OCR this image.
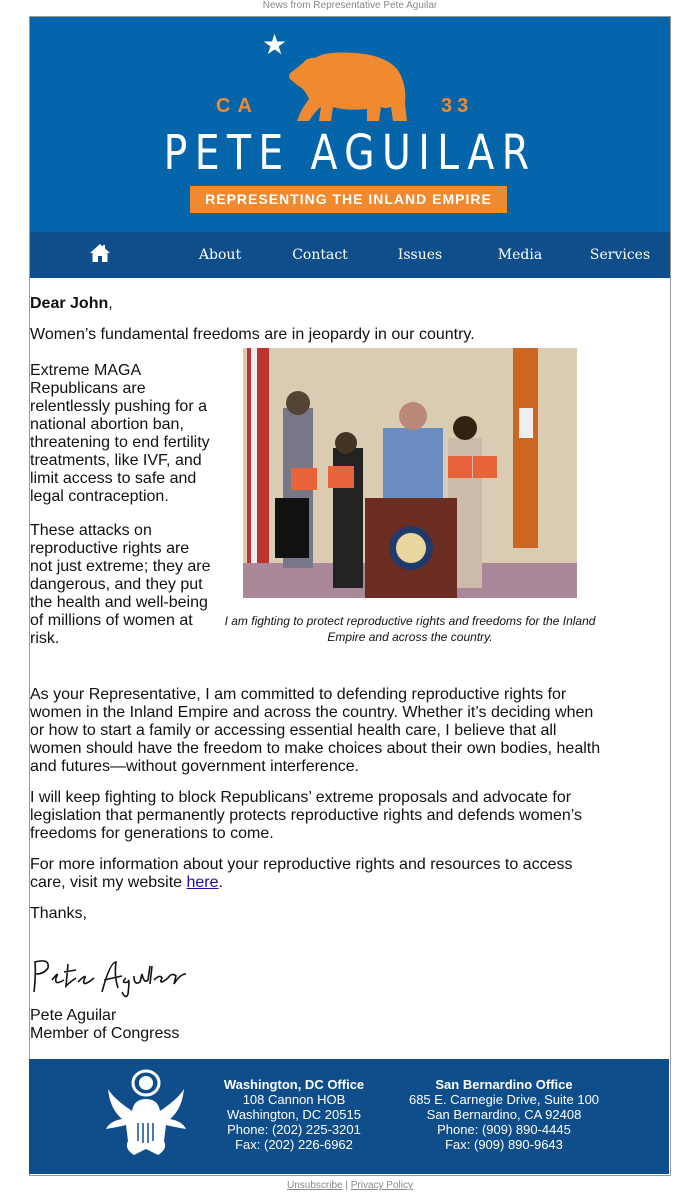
News from Representative Pete Aguilar
★
CA	33
PETE AGUILAR
REPRESENTING THE INLAND EMPIRE
About	Contact	Issues	Media	Services

Dear John,

Women’s fundamental freedoms are in jeopardy in our country.

Extreme MAGA Republicans are relentlessly pushing for a national abortion ban, threatening to end fertility treatments, like IVF, and limit access to safe and legal contraception.

These attacks on reproductive rights are not just extreme; they are dangerous, and they put the health and well-being of millions of women at risk.

I am fighting to protect reproductive rights and freedoms for the Inland Empire and across the country.

As your Representative, I am committed to defending reproductive rights for women in the Inland Empire and across the country. Whether it’s deciding when or how to start a family or accessing essential health care, I believe that all women should have the freedom to make choices about their own bodies, health and futures—without government interference.

I will keep fighting to block Republicans’ extreme proposals and advocate for legislation that permanently protects reproductive rights and defends women’s freedoms for generations to come.

For more information about your reproductive rights and resources to access care, visit my website here.

Thanks,

Pete Aguilar
Member of Congress
Washington, DC Office
108 Cannon HOB
Washington, DC 20515
Phone: (202) 225-3201
Fax: (202) 226-6962
San Bernardino Office
685 E. Carnegie Drive, Suite 100
San Bernardino, CA 92408
Phone: (909) 890-4445
Fax: (909) 890-9643
Unsubscribe | Privacy Policy
